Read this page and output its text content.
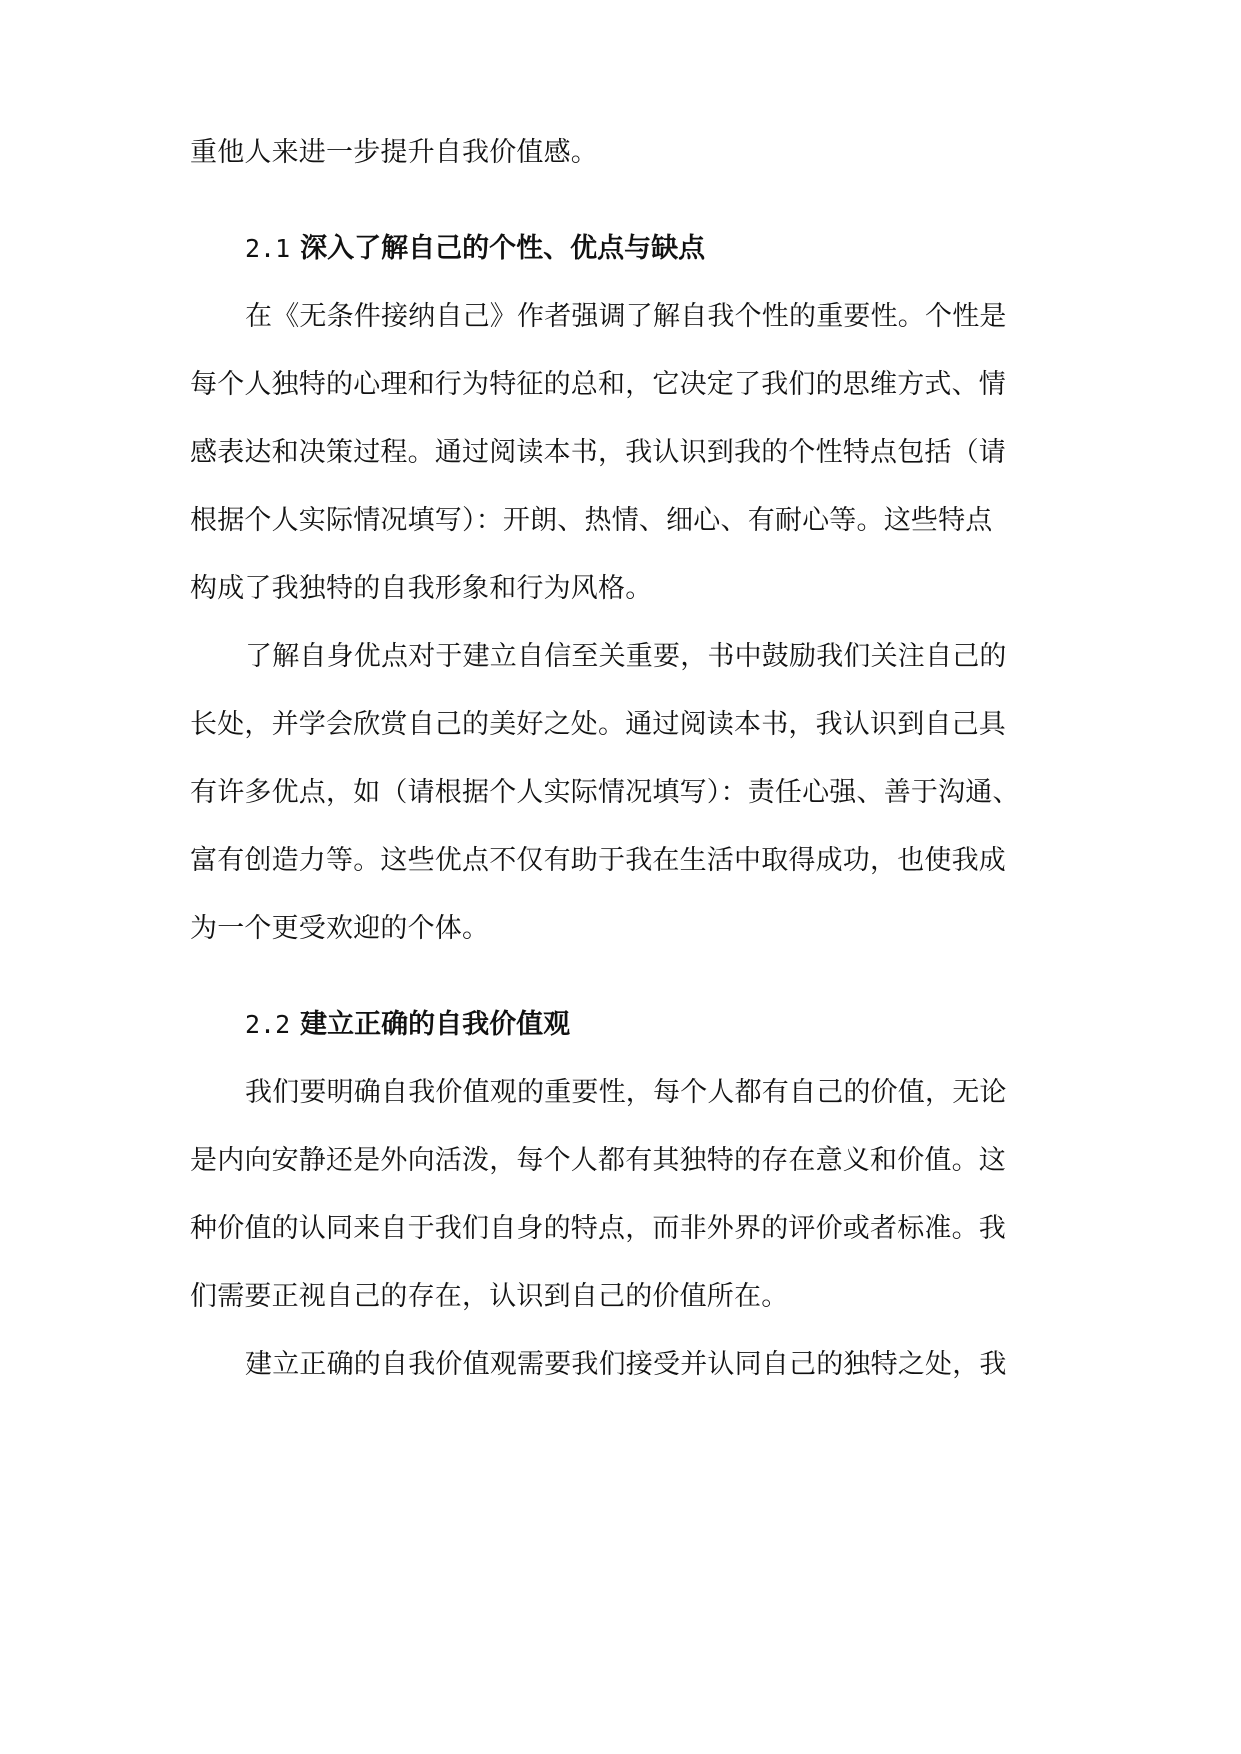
重他人来进一步提升自我价值感。
2.1 深入了解自己的个性、优点与缺点
在《无条件接纳自己》作者强调了解自我个性的重要性。个性是
每个人独特的心理和行为特征的总和，它决定了我们的思维方式、情
感表达和决策过程。通过阅读本书，我认识到我的个性特点包括（请
根据个人实际情况填写）：开朗、热情、细心、有耐心等。这些特点
构成了我独特的自我形象和行为风格。
了解自身优点对于建立自信至关重要，书中鼓励我们关注自己的
长处，并学会欣赏自己的美好之处。通过阅读本书，我认识到自己具
有许多优点，如（请根据个人实际情况填写）：责任心强、善于沟通、
富有创造力等。这些优点不仅有助于我在生活中取得成功，也使我成
为一个更受欢迎的个体。
2.2 建立正确的自我价值观
我们要明确自我价值观的重要性，每个人都有自己的价值，无论
是内向安静还是外向活泼，每个人都有其独特的存在意义和价值。这
种价值的认同来自于我们自身的特点，而非外界的评价或者标准。我
们需要正视自己的存在，认识到自己的价值所在。
建立正确的自我价值观需要我们接受并认同自己的独特之处，我
